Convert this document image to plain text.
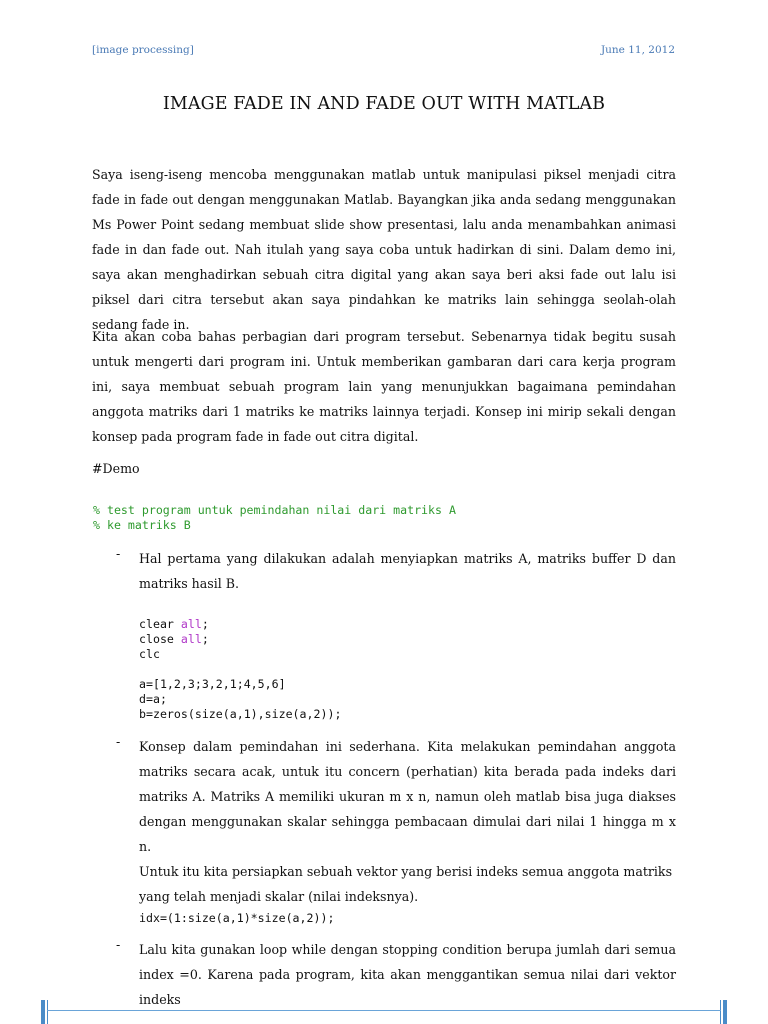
[image processing]	June 11, 2012
IMAGE FADE IN AND FADE OUT WITH MATLAB
Saya iseng-iseng mencoba menggunakan matlab untuk manipulasi piksel menjadi citra fade in fade out dengan menggunakan Matlab. Bayangkan jika anda sedang menggunakan Ms Power Point sedang membuat slide show presentasi, lalu anda menambahkan animasi fade in dan fade out. Nah itulah yang saya coba untuk hadirkan di sini. Dalam demo ini, saya akan menghadirkan sebuah citra digital yang akan saya beri aksi fade out lalu isi piksel dari citra tersebut akan saya pindahkan ke matriks lain sehingga seolah-olah sedang fade in.
Kita akan coba bahas perbagian dari program tersebut. Sebenarnya tidak begitu susah untuk mengerti dari program ini. Untuk memberikan gambaran dari cara kerja program ini, saya membuat sebuah program lain yang menunjukkan bagaimana pemindahan anggota matriks dari 1 matriks ke matriks lainnya terjadi. Konsep ini mirip sekali dengan konsep pada program fade in fade out citra digital.
#Demo
% test program untuk pemindahan nilai dari matriks A
% ke matriks B
- Hal pertama yang dilakukan adalah menyiapkan matriks A, matriks buffer D dan matriks hasil B.
clear all;
close all;
clc

a=[1,2,3;3,2,1;4,5,6]
d=a;
b=zeros(size(a,1),size(a,2));
- Konsep dalam pemindahan ini sederhana. Kita melakukan pemindahan anggota matriks secara acak, untuk itu concern (perhatian) kita berada pada indeks dari matriks A. Matriks A memiliki ukuran m x n, namun oleh matlab bisa juga diakses dengan menggunakan skalar sehingga pembacaan dimulai dari nilai 1 hingga m x n.
Untuk itu kita persiapkan sebuah vektor yang berisi indeks semua anggota matriks yang telah menjadi skalar (nilai indeksnya).
idx=(1:size(a,1)*size(a,2));
- Lalu kita gunakan loop while dengan stopping condition berupa jumlah dari semua index =0. Karena pada program, kita akan menggantikan semua nilai dari vektor indeks
